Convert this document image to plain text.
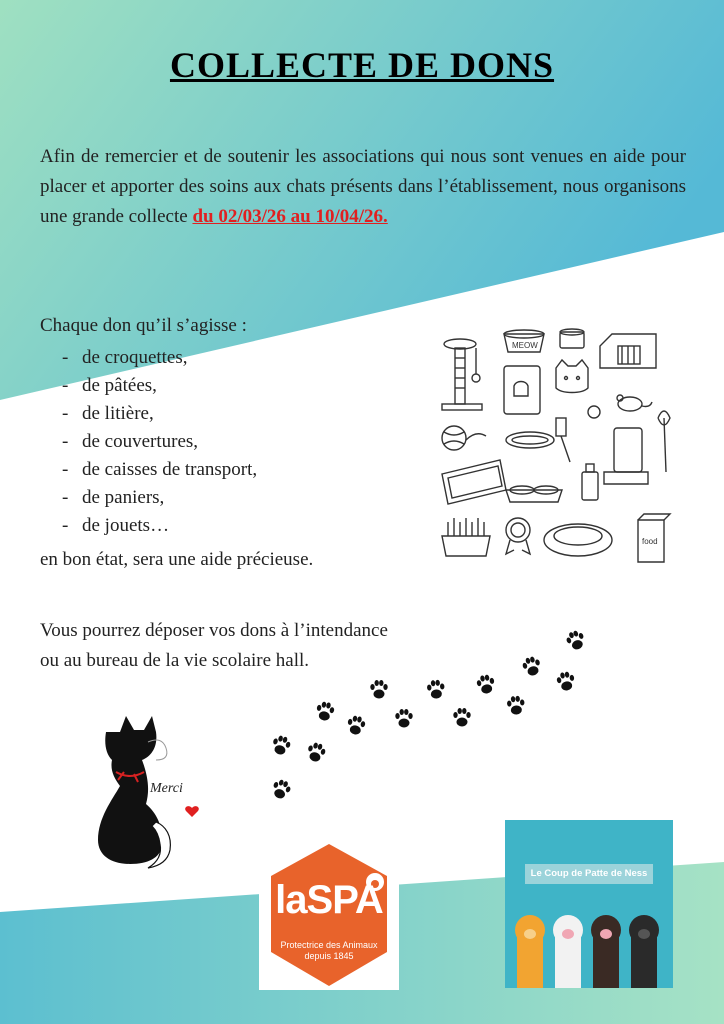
COLLECTE DE DONS
Afin de remercier et de soutenir les associations qui nous sont venues en aide pour placer et apporter des soins aux chats présents dans l’établissement, nous organisons une grande collecte du 02/03/26 au 10/04/26.
Chaque don qu’il s’agisse :
- de croquettes,
- de pâtées,
- de litière,
- de couvertures,
- de caisses de transport,
- de paniers,
- de jouets…
en bon état, sera une aide précieuse.
Vous pourrez déposer vos dons à l’intendance
ou au bureau de la vie scolaire hall.
MEOW
food
Merci
laSPA
Protectrice des Animaux
depuis 1845
Le Coup de Patte de Ness
